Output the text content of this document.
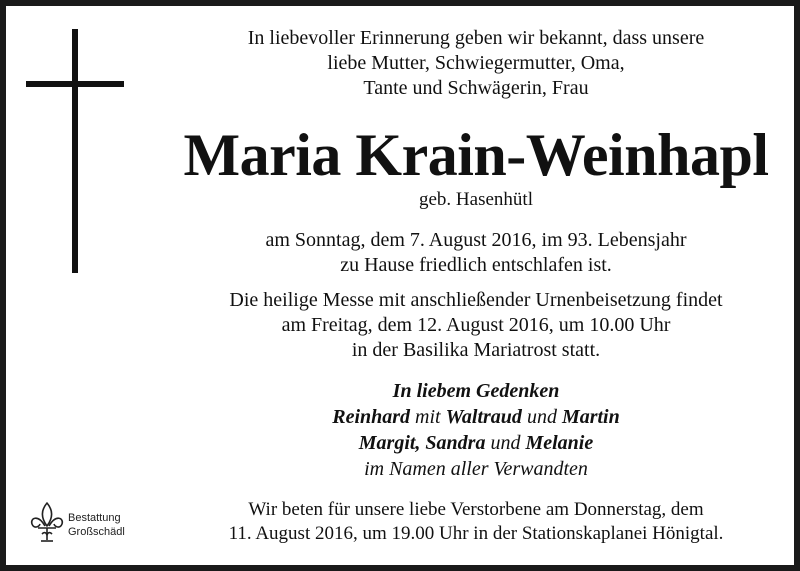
In liebevoller Erinnerung geben wir bekannt, dass unsere
liebe Mutter, Schwiegermutter, Oma,
Tante und Schwägerin, Frau
Maria Krain-Weinhapl
geb. Hasenhütl
am Sonntag, dem 7. August 2016, im 93. Lebensjahr
zu Hause friedlich entschlafen ist.
Die heilige Messe mit anschließender Urnenbeisetzung findet
am Freitag, dem 12. August 2016, um 10.00 Uhr
in der Basilika Mariatrost statt.
In liebem Gedenken
Reinhard mit Waltraud und Martin
Margit, Sandra und Melanie
im Namen aller Verwandten
Wir beten für unsere liebe Verstorbene am Donnerstag, dem
11. August 2016, um 19.00 Uhr in der Stationskaplanei Hönigtal.
Bestattung
Großschädl
